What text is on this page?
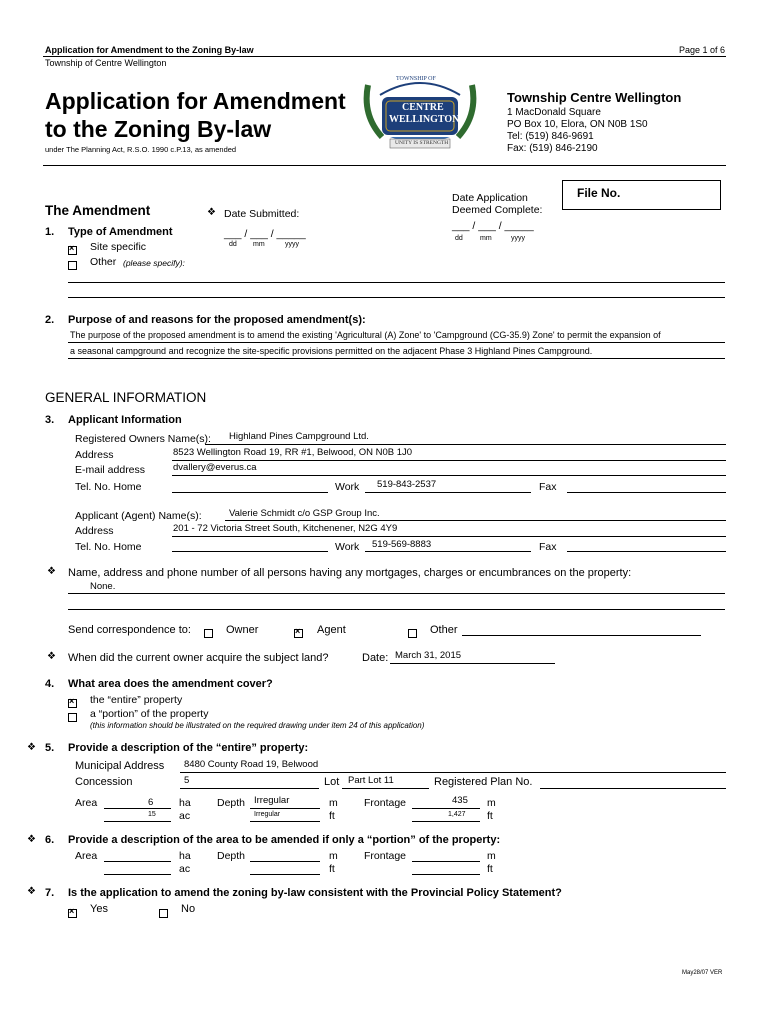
Application for Amendment to the Zoning By-law
Township of Centre Wellington
Page 1 of 6
Application for Amendment
to the Zoning By-law
under The Planning Act, R.S.O. 1990 c.P.13, as amended
TOWNSHIP OF
CENTRE
WELLINGTON
UNITY IS STRENGTH
Township Centre Wellington
1 MacDonald Square
PO Box 10, Elora, ON N0B 1S0
Tel: (519) 846-9691
Fax: (519) 846-2190
Date Application
Deemed Complete:
File No.
The Amendment	❖ Date Submitted:
___ / ___ / _____
dd mm	yyyy
___ / ___ / _____
dd mm	yyyy
1. Type of Amendment
×
Site specific
Other (please specify):
2. Purpose of and reasons for the proposed amendment(s):
The purpose of the proposed amendment is to amend the existing 'Agricultural (A) Zone' to 'Campground (CG-35.9) Zone' to permit the expansion of
a seasonal campground and recognize the site-specific provisions permitted on the adjacent Phase 3 Highland Pines Campground.
GENERAL INFORMATION
3. Applicant Information
Registered Owners Name(s): Highland Pines Campground Ltd.
Address	8523 Wellington Road 19, RR #1, Belwood, ON N0B 1J0
E-mail address	dvallery@everus.ca
Tel. No. Home	Work 519-843-2537	Fax
Applicant (Agent) Name(s):	Valerie Schmidt c/o GSP Group Inc.
Address	201 - 72 Victoria Street South, Kitchenener, N2G 4Y9
Tel. No. Home	Work 519-569-8883	Fax
❖ Name, address and phone number of all persons having any mortgages, charges or encumbrances on the property:
None.
Send correspondence to:	Owner
×	Agent	Other
❖ When did the current owner acquire the subject land?	Date: March 31, 2015
4. What area does the amendment cover?
×
the “entire” property
a “portion” of the property
(this information should be illustrated on the required drawing under item 24 of this application)
❖ 5. Provide a description of the “entire” property:
Municipal Address 8480 County Road 19, Belwood
Concession	5	Lot Part Lot 11	Registered Plan No.
Area	6 ha
15 ac
Depth Irregular	m
Irregular	ft
Frontage	435 m
1,427 ft
❖ 6. Provide a description of the area to be amended if only a “portion” of the property:
Area	ha
ac
Depth	m
ft
Frontage	m
ft
❖ 7. Is the application to amend the zoning by-law consistent with the Provincial Policy Statement?
×
Yes	No
May28/07 VER
